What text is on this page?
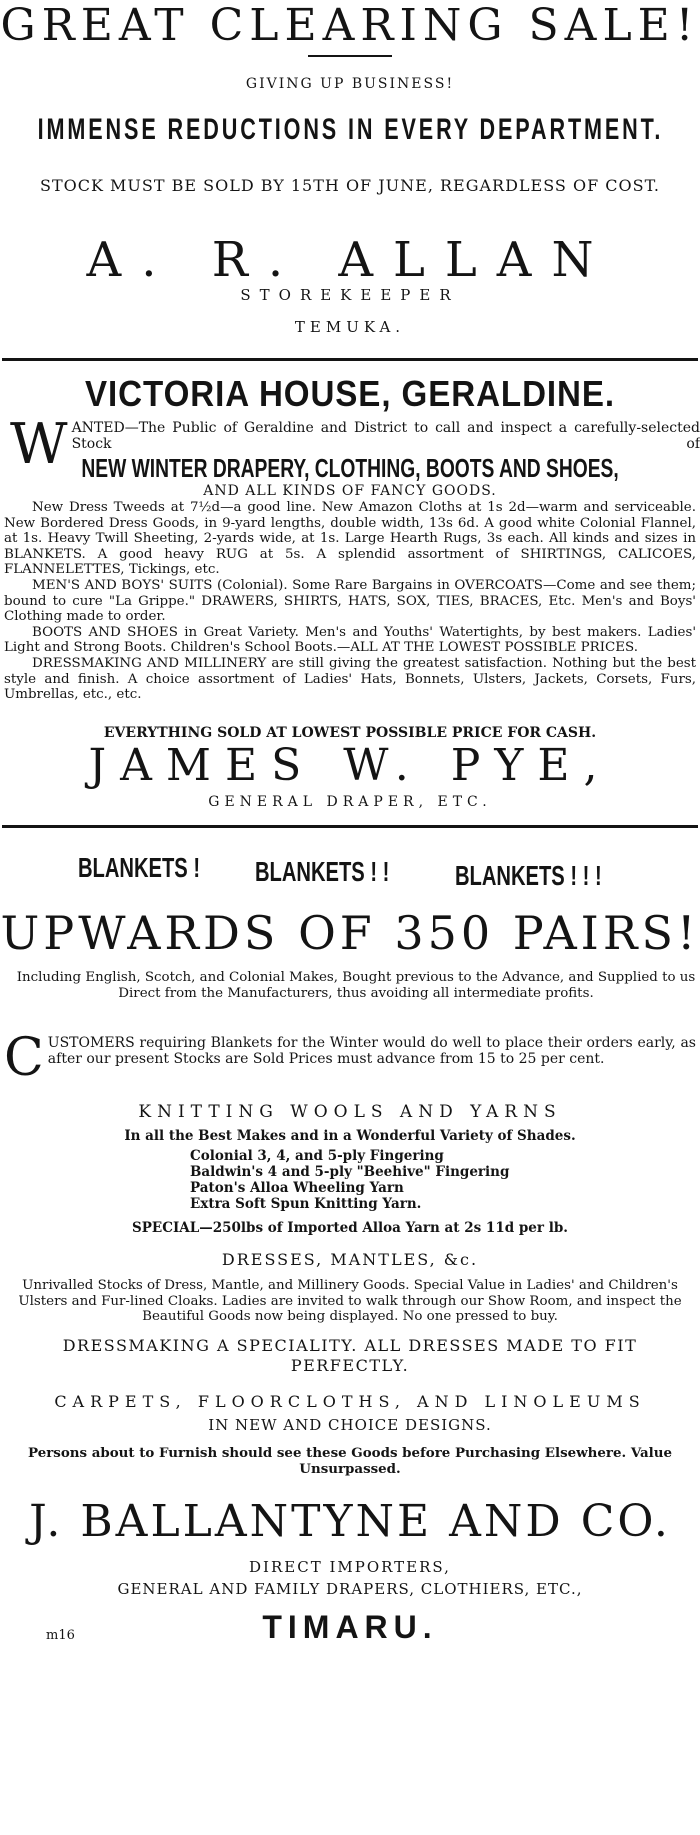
GREAT CLEARING SALE!
GIVING UP BUSINESS!
IMMENSE REDUCTIONS IN EVERY DEPARTMENT.
STOCK MUST BE SOLD BY 15TH OF JUNE, REGARDLESS OF COST.
A. R. ALLAN
STOREKEEPER
TEMUKA.
VICTORIA HOUSE, GERALDINE.
W ANTED—The Public of Geraldine and District to call and inspect a carefully-selected Stock of
NEW WINTER DRAPERY, CLOTHING, BOOTS AND SHOES,
AND ALL KINDS OF FANCY GOODS.

New Dress Tweeds at 7½d—a good line. New Amazon Cloths at 1s 2d—warm and serviceable. New Bordered Dress Goods, in 9-yard lengths, double width, 13s 6d. A good white Colonial Flannel, at 1s. Heavy Twill Sheeting, 2-yards wide, at 1s. Large Hearth Rugs, 3s each. All kinds and sizes in BLANKETS. A good heavy RUG at 5s. A splendid assortment of SHIRTINGS, CALICOES, FLANNELETTES, Tickings, etc.

MEN'S AND BOYS' SUITS (Colonial). Some Rare Bargains in OVERCOATS—Come and see them; bound to cure "La Grippe." DRAWERS, SHIRTS, HATS, SOX, TIES, BRACES, Etc. Men's and Boys' Clothing made to order.

BOOTS AND SHOES in Great Variety. Men's and Youths' Watertights, by best makers. Ladies' Light and Strong Boots. Children's School Boots.—ALL AT THE LOWEST POSSIBLE PRICES.

DRESSMAKING AND MILLINERY are still giving the greatest satisfaction. Nothing but the best style and finish. A choice assortment of Ladies' Hats, Bonnets, Ulsters, Jackets, Corsets, Furs, Umbrellas, etc., etc.

EVERYTHING SOLD AT LOWEST POSSIBLE PRICE FOR CASH.
JAMES W. PYE,
GENERAL DRAPER, ETC.
BLANKETS ! BLANKETS ! ! BLANKETS ! ! !
UPWARDS OF 350 PAIRS!
Including English, Scotch, and Colonial Makes, Bought previous to the Advance, and Supplied to us Direct from the Manufacturers, thus avoiding all intermediate profits.
C USTOMERS requiring Blankets for the Winter would do well to place their orders early, as after our present Stocks are Sold Prices must advance from 15 to 25 per cent.
KNITTING WOOLS AND YARNS
In all the Best Makes and in a Wonderful Variety of Shades.
Colonial 3, 4, and 5-ply Fingering
Baldwin's 4 and 5-ply "Beehive" Fingering
Paton's Alloa Wheeling Yarn
Extra Soft Spun Knitting Yarn.
SPECIAL—250lbs of Imported Alloa Yarn at 2s 11d per lb.
DRESSES, MANTLES, &c.
Unrivalled Stocks of Dress, Mantle, and Millinery Goods. Special Value in Ladies' and Children's Ulsters and Fur-lined Cloaks. Ladies are invited to walk through our Show Room, and inspect the Beautiful Goods now being displayed. No one pressed to buy.
DRESSMAKING A SPECIALITY. ALL DRESSES MADE TO FIT PERFECTLY.
CARPETS, FLOORCLOTHS, AND LINOLEUMS
IN NEW AND CHOICE DESIGNS.
Persons about to Furnish should see these Goods before Purchasing Elsewhere. Value Unsurpassed.
J. BALLANTYNE AND CO.
DIRECT IMPORTERS,
GENERAL AND FAMILY DRAPERS, CLOTHIERS, ETC.,
TIMARU.
m16
